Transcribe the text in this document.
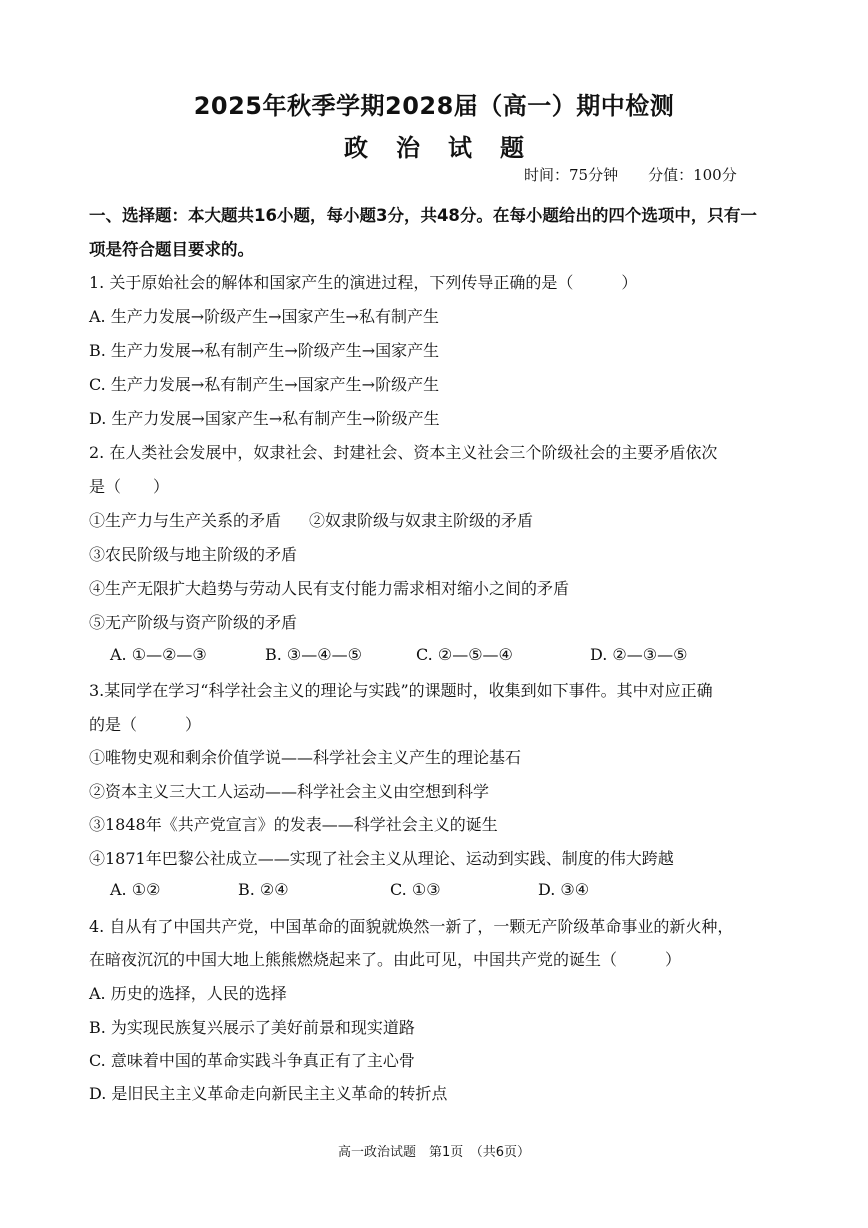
2025年秋季学期2028届（高一）期中检测
政治试题
时间：75分钟 分值：100分
一、选择题：本大题共16小题，每小题3分，共48分。在每小题给出的四个选项中，只有一
项是符合题目要求的。
1. 关于原始社会的解体和国家产生的演进过程，下列传导正确的是（　　　）
A. 生产力发展→阶级产生→国家产生→私有制产生
B. 生产力发展→私有制产生→阶级产生→国家产生
C. 生产力发展→私有制产生→国家产生→阶级产生
D. 生产力发展→国家产生→私有制产生→阶级产生
2. 在人类社会发展中，奴隶社会、封建社会、资本主义社会三个阶级社会的主要矛盾依次
是（　　）
①生产力与生产关系的矛盾 ②奴隶阶级与奴隶主阶级的矛盾
③农民阶级与地主阶级的矛盾
④生产无限扩大趋势与劳动人民有支付能力需求相对缩小之间的矛盾
⑤无产阶级与资产阶级的矛盾
A. ①—②—③	B. ③—④—⑤	C. ②—⑤—④	D. ②—③—⑤
3.某同学在学习“科学社会主义的理论与实践”的课题时，收集到如下事件。其中对应正确
的是（　　　）
①唯物史观和剩余价值学说——科学社会主义产生的理论基石
②资本主义三大工人运动——科学社会主义由空想到科学
③1848年《共产党宣言》的发表——科学社会主义的诞生
④1871年巴黎公社成立——实现了社会主义从理论、运动到实践、制度的伟大跨越
A. ①②	B. ②④	C. ①③	D. ③④
4. 自从有了中国共产党，中国革命的面貌就焕然一新了，一颗无产阶级革命事业的新火种，
在暗夜沉沉的中国大地上熊熊燃烧起来了。由此可见，中国共产党的诞生（　　　）
A. 历史的选择，人民的选择
B. 为实现民族复兴展示了美好前景和现实道路
C. 意味着中国的革命实践斗争真正有了主心骨
D. 是旧民主主义革命走向新民主主义革命的转折点
高一政治试题　第1页　（共6页）
